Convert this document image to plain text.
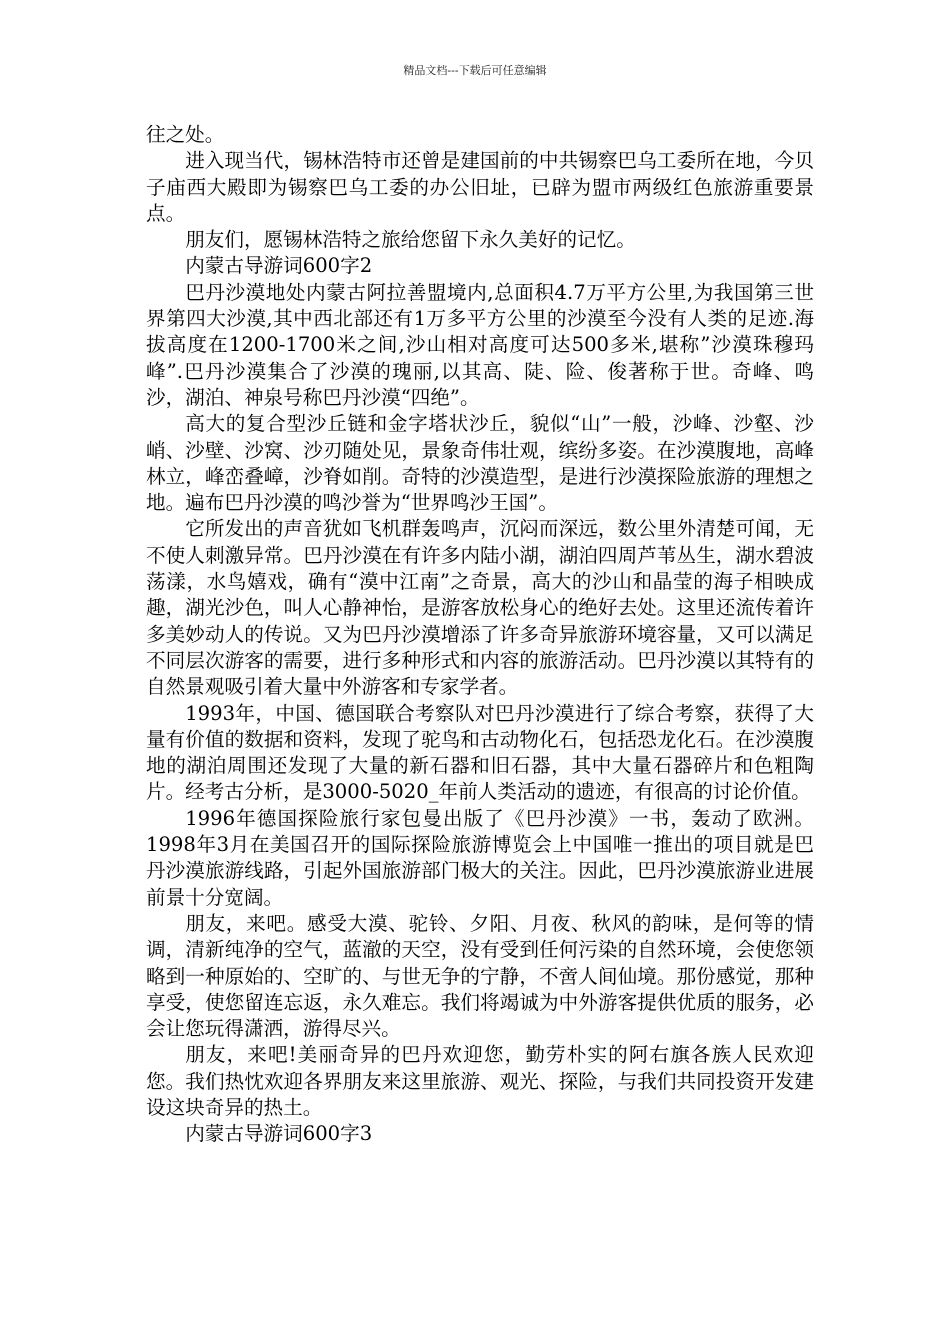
精品文档---下载后可任意编辑

往之处。

进入现当代，锡林浩特市还曾是建国前的中共锡察巴乌工委所在地，今贝子庙西大殿即为锡察巴乌工委的办公旧址，已辟为盟市两级红色旅游重要景点。

朋友们，愿锡林浩特之旅给您留下永久美好的记忆。

内蒙古导游词600字2

巴丹沙漠地处内蒙古阿拉善盟境内,总面积4.7万平方公里,为我国第三世界第四大沙漠,其中西北部还有1万多平方公里的沙漠至今没有人类的足迹.海拔高度在1200-1700米之间,沙山相对高度可达500多米,堪称”沙漠珠穆玛峰”.巴丹沙漠集合了沙漠的瑰丽,以其高、陡、险、俊著称于世。奇峰、鸣沙，湖泊、神泉号称巴丹沙漠“四绝”。

高大的复合型沙丘链和金字塔状沙丘，貌似“山”一般，沙峰、沙壑、沙峭、沙壁、沙窝、沙刃随处见，景象奇伟壮观，缤纷多姿。在沙漠腹地，高峰林立，峰峦叠嶂，沙脊如削。奇特的沙漠造型，是进行沙漠探险旅游的理想之地。遍布巴丹沙漠的鸣沙誉为“世界鸣沙王国”。

它所发出的声音犹如飞机群轰鸣声，沉闷而深远，数公里外清楚可闻，无不使人刺激异常。巴丹沙漠在有许多内陆小湖，湖泊四周芦苇丛生，湖水碧波荡漾，水鸟嬉戏，确有“漠中江南”之奇景，高大的沙山和晶莹的海子相映成趣，湖光沙色，叫人心静神怡，是游客放松身心的绝好去处。这里还流传着许多美妙动人的传说。又为巴丹沙漠增添了许多奇异旅游环境容量，又可以满足不同层次游客的需要，进行多种形式和内容的旅游活动。巴丹沙漠以其特有的自然景观吸引着大量中外游客和专家学者。

1993年，中国、德国联合考察队对巴丹沙漠进行了综合考察，获得了大量有价值的数据和资料，发现了驼鸟和古动物化石，包括恐龙化石。在沙漠腹地的湖泊周围还发现了大量的新石器和旧石器，其中大量石器碎片和色粗陶片。经考古分析，是3000-5020_年前人类活动的遗迹，有很高的讨论价值。

1996年德国探险旅行家包曼出版了《巴丹沙漠》一书，轰动了欧洲。1998年3月在美国召开的国际探险旅游博览会上中国唯一推出的项目就是巴丹沙漠旅游线路，引起外国旅游部门极大的关注。因此，巴丹沙漠旅游业进展前景十分宽阔。

朋友，来吧。感受大漠、驼铃、夕阳、月夜、秋风的韵味，是何等的情调，清新纯净的空气，蓝澈的天空，没有受到任何污染的自然环境，会使您领略到一种原始的、空旷的、与世无争的宁静，不啻人间仙境。那份感觉，那种享受，使您留连忘返，永久难忘。我们将竭诚为中外游客提供优质的服务，必会让您玩得潇洒，游得尽兴。

朋友，来吧!美丽奇异的巴丹欢迎您，勤劳朴实的阿右旗各族人民欢迎您。我们热忱欢迎各界朋友来这里旅游、观光、探险，与我们共同投资开发建设这块奇异的热土。

内蒙古导游词600字3
